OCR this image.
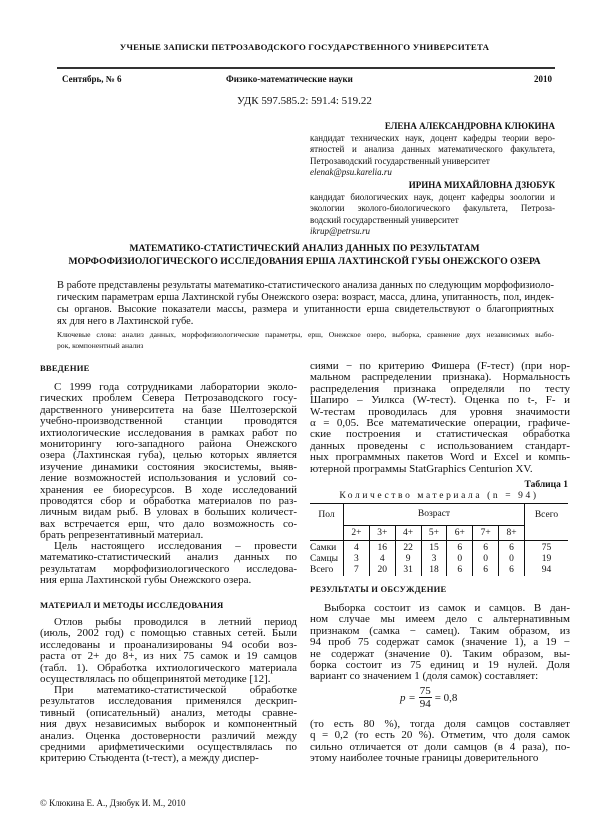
УЧЕНЫЕ ЗАПИСКИ ПЕТРОЗАВОДСКОГО ГОСУДАРСТВЕННОГО УНИВЕРСИТЕТА
Сентябрь, № 6	Физико-математические науки	2010
УДК 597.585.2: 591.4: 519.22
ЕЛЕНА АЛЕКСАНДРОВНА КЛЮКИНА
кандидат технических наук, доцент кафедры теории веро-
ятностей и анализа данных математического факультета,
Петрозаводский государственный университет
elenak@psu.karelia.ru
ИРИНА МИХАЙЛОВНА ДЗЮБУК
кандидат биологических наук, доцент кафедры зоологии и
экологии эколого-биологического факультета, Петроза-
водский государственный университет
ikrup@petrsu.ru
МАТЕМАТИКО-СТАТИСТИЧЕСКИЙ АНАЛИЗ ДАННЫХ ПО РЕЗУЛЬТАТАМ
МОРФОФИЗИОЛОГИЧЕСКОГО ИССЛЕДОВАНИЯ ЕРША ЛАХТИНСКОЙ ГУБЫ ОНЕЖСКОГО ОЗЕРА
В работе представлены результаты математико-статистического анализа данных по следующим морфофизиоло-
гическим параметрам ерша Лахтинской губы Онежского озера: возраст, масса, длина, упитанность, пол, индек-
сы органов. Высокие показатели массы, размера и упитанности ерша свидетельствуют о благоприятных
ях для него в Лахтинской губе.
Ключевые слова: анализ данных, морфофизиологические параметры, ерш, Онежское озеро, выборка, сравнение двух независимых выбо-
рок, компонентный анализ
ВВЕДЕНИЕ
С 1999 года сотрудниками лаборатории эколо-
гических проблем Севера Петрозаводского госу-
дарственного университета на базе Шелтозерской
учебно-производственной станции проводятся
ихтиологические исследования в рамках работ по
мониторингу юго-западного района Онежского
озера (Лахтинская губа), целью которых является
изучение динамики состояния экосистемы, выяв-
ление возможностей использования и условий со-
хранения ее биоресурсов. В ходе исследований
проводятся сбор и обработка материалов по раз-
личным видам рыб. В уловах в больших количест-
вах встречается ерш, что дало возможность со-
брать репрезентативный материал.
Цель настоящего исследования – провести
математико-статистический анализ данных по
результатам морфофизиологического исследова-
ния ерша Лахтинской губы Онежского озера.
МАТЕРИАЛ И МЕТОДЫ ИССЛЕДОВАНИЯ
Отлов рыбы проводился в летний период
(июль, 2002 год) с помощью ставных сетей. Были
исследованы и проанализированы 94 особи воз-
раста от 2+ до 8+, из них 75 самок и 19 самцов
(табл. 1). Обработка ихтиологического материала
осуществлялась по общепринятой методике [12].
При математико-статистической обработке
результатов исследования применялся дескрип-
тивный (описательный) анализ, методы сравне-
ния двух независимых выборок и компонентный
анализ. Оценка достоверности различий между
средними арифметическими осуществлялась по
критерию Стьюдента (t-тест), а между диспер-
© Клюкина Е. А., Дзюбук И. М., 2010
сиями − по критерию Фишера (F-тест) (при нор-
мальном распределении признака). Нормальность
распределения признака определяли по тесту
Шапиро – Уилкса (W-тест). Оценка по t-, F- и
W-тестам проводилась для уровня значимости
α = 0,05. Все математические операции, графиче-
ские построения и статистическая обработка
данных проведены с использованием стандарт-
ных программных пакетов Word и Excel и компь-
ютерной программы StatGraphics Centurion XV.
Таблица 1
Количество материала (n = 94)
Пол	Возраст							Всего
	2+	3+	4+	5+	6+	7+	8+	
Самки	4	16	22	15	6	6	6	75
Самцы	3	4	9	3	0	0	0	19
Всего	7	20	31	18	6	6	6	94
РЕЗУЛЬТАТЫ И ОБСУЖДЕНИЕ
Выборка состоит из самок и самцов. В дан-
ном случае мы имеем дело с альтернативным
признаком (самка − самец). Таким образом, из
94 проб 75 содержат самок (значение 1), а 19 −
не содержат (значение 0). Таким образом, вы-
борка состоит из 75 единиц и 19 нулей. Доля
вариант со значением 1 (доля самок) составляет:
$p = \frac{75}{94} = 0,8$
(то есть 80 %), тогда доля самцов составляет
q = 0,2 (то есть 20 %). Отметим, что доля самок
сильно отличается от доли самцов (в 4 раза), по-
этому наиболее точные границы доверительного
